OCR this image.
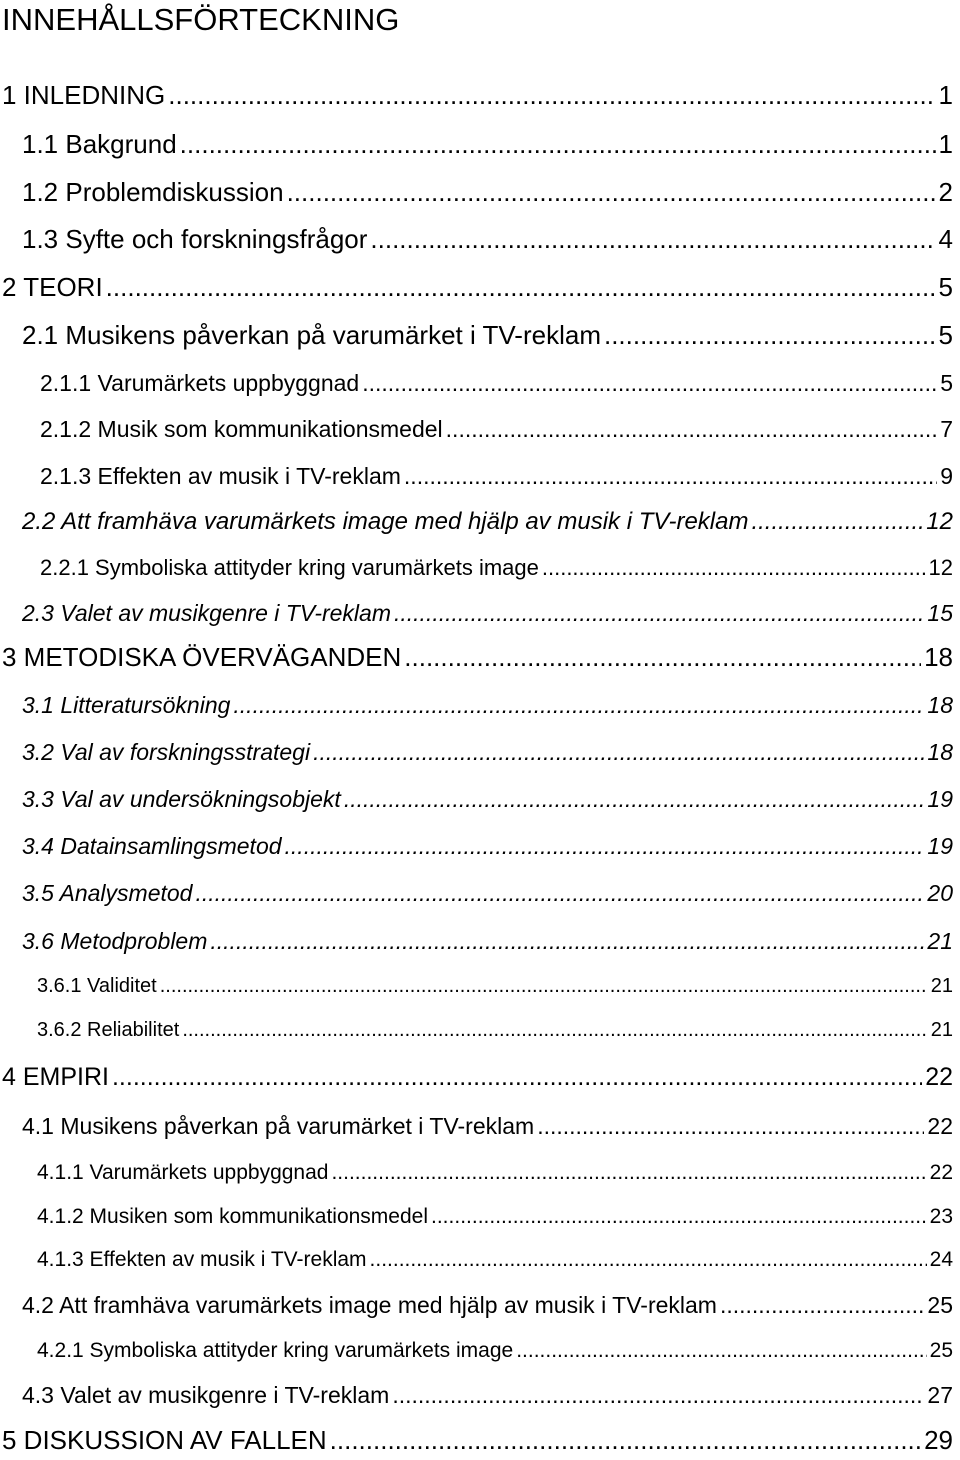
INNEHÅLLSFÖRTECKNING
1 INLEDNING .....	1
1.1 Bakgrund .....	1
1.2 Problemdiskussion .....	2
1.3 Syfte och forskningsfrågor .....	4
2 TEORI .....	5
2.1 Musikens påverkan på varumärket i TV-reklam .....	5
2.1.1 Varumärkets uppbyggnad .....	5
2.1.2 Musik som kommunikationsmedel .....	7
2.1.3 Effekten av musik i TV-reklam .....	9
2.2 Att framhäva varumärkets image med hjälp av musik i TV-reklam .....	12
2.2.1 Symboliska attityder kring varumärkets image .....	12
2.3 Valet av musikgenre i TV-reklam .....	15
3 METODISKA ÖVERVÄGANDEN .....	18
3.1 Litteratursökning .....	18
3.2 Val av forskningsstrategi .....	18
3.3 Val av undersökningsobjekt .....	19
3.4 Datainsamlingsmetod .....	19
3.5 Analysmetod .....	20
3.6 Metodproblem .....	21
3.6.1 Validitet .....	21
3.6.2 Reliabilitet .....	21
4 EMPIRI .....	22
4.1 Musikens påverkan på varumärket i TV-reklam .....	22
4.1.1 Varumärkets uppbyggnad .....	22
4.1.2 Musiken som kommunikationsmedel .....	23
4.1.3 Effekten av musik i TV-reklam .....	24
4.2 Att framhäva varumärkets image med hjälp av musik i TV-reklam .....	25
4.2.1 Symboliska attityder kring varumärkets image .....	25
4.3 Valet av musikgenre i TV-reklam .....	27
5 DISKUSSION AV FALLEN .....	29
